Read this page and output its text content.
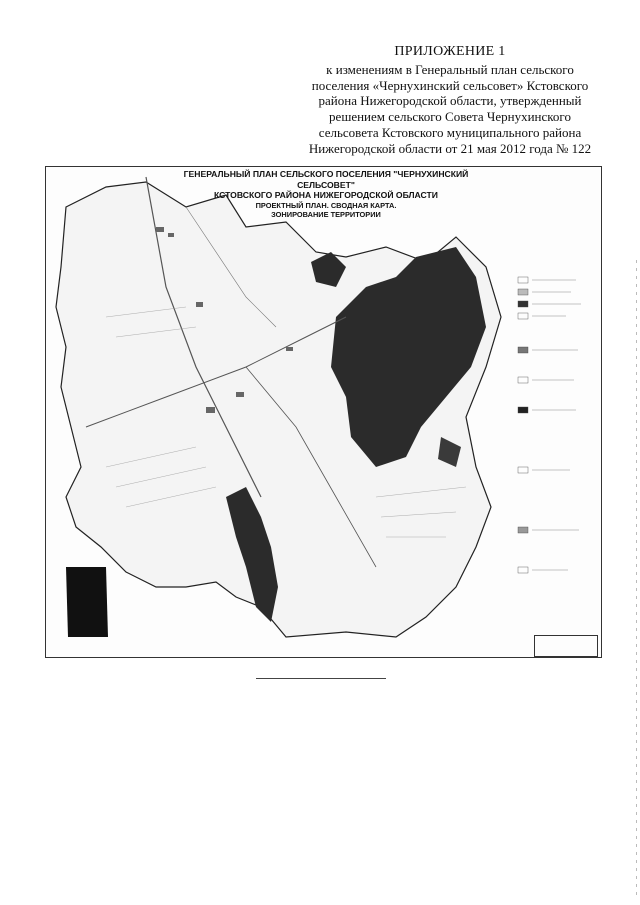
ПРИЛОЖЕНИЕ 1
к изменениям в Генеральный план сельского
поселения «Чернухинский сельсовет» Кстовского
района Нижегородской области, утвержденный
решением сельского Совета Чернухинского
сельсовета Кстовского муниципального района
Нижегородской области от 21 мая 2012 года № 122
ГЕНЕРАЛЬНЫЙ ПЛАН СЕЛЬСКОГО ПОСЕЛЕНИЯ "ЧЕРНУХИНСКИЙ СЕЛЬСОВЕТ"
КСТОВСКОГО РАЙОНА НИЖЕГОРОДСКОЙ ОБЛАСТИ
ПРОЕКТНЫЙ ПЛАН. СВОДНАЯ КАРТА.
ЗОНИРОВАНИЕ ТЕРРИТОРИИ
